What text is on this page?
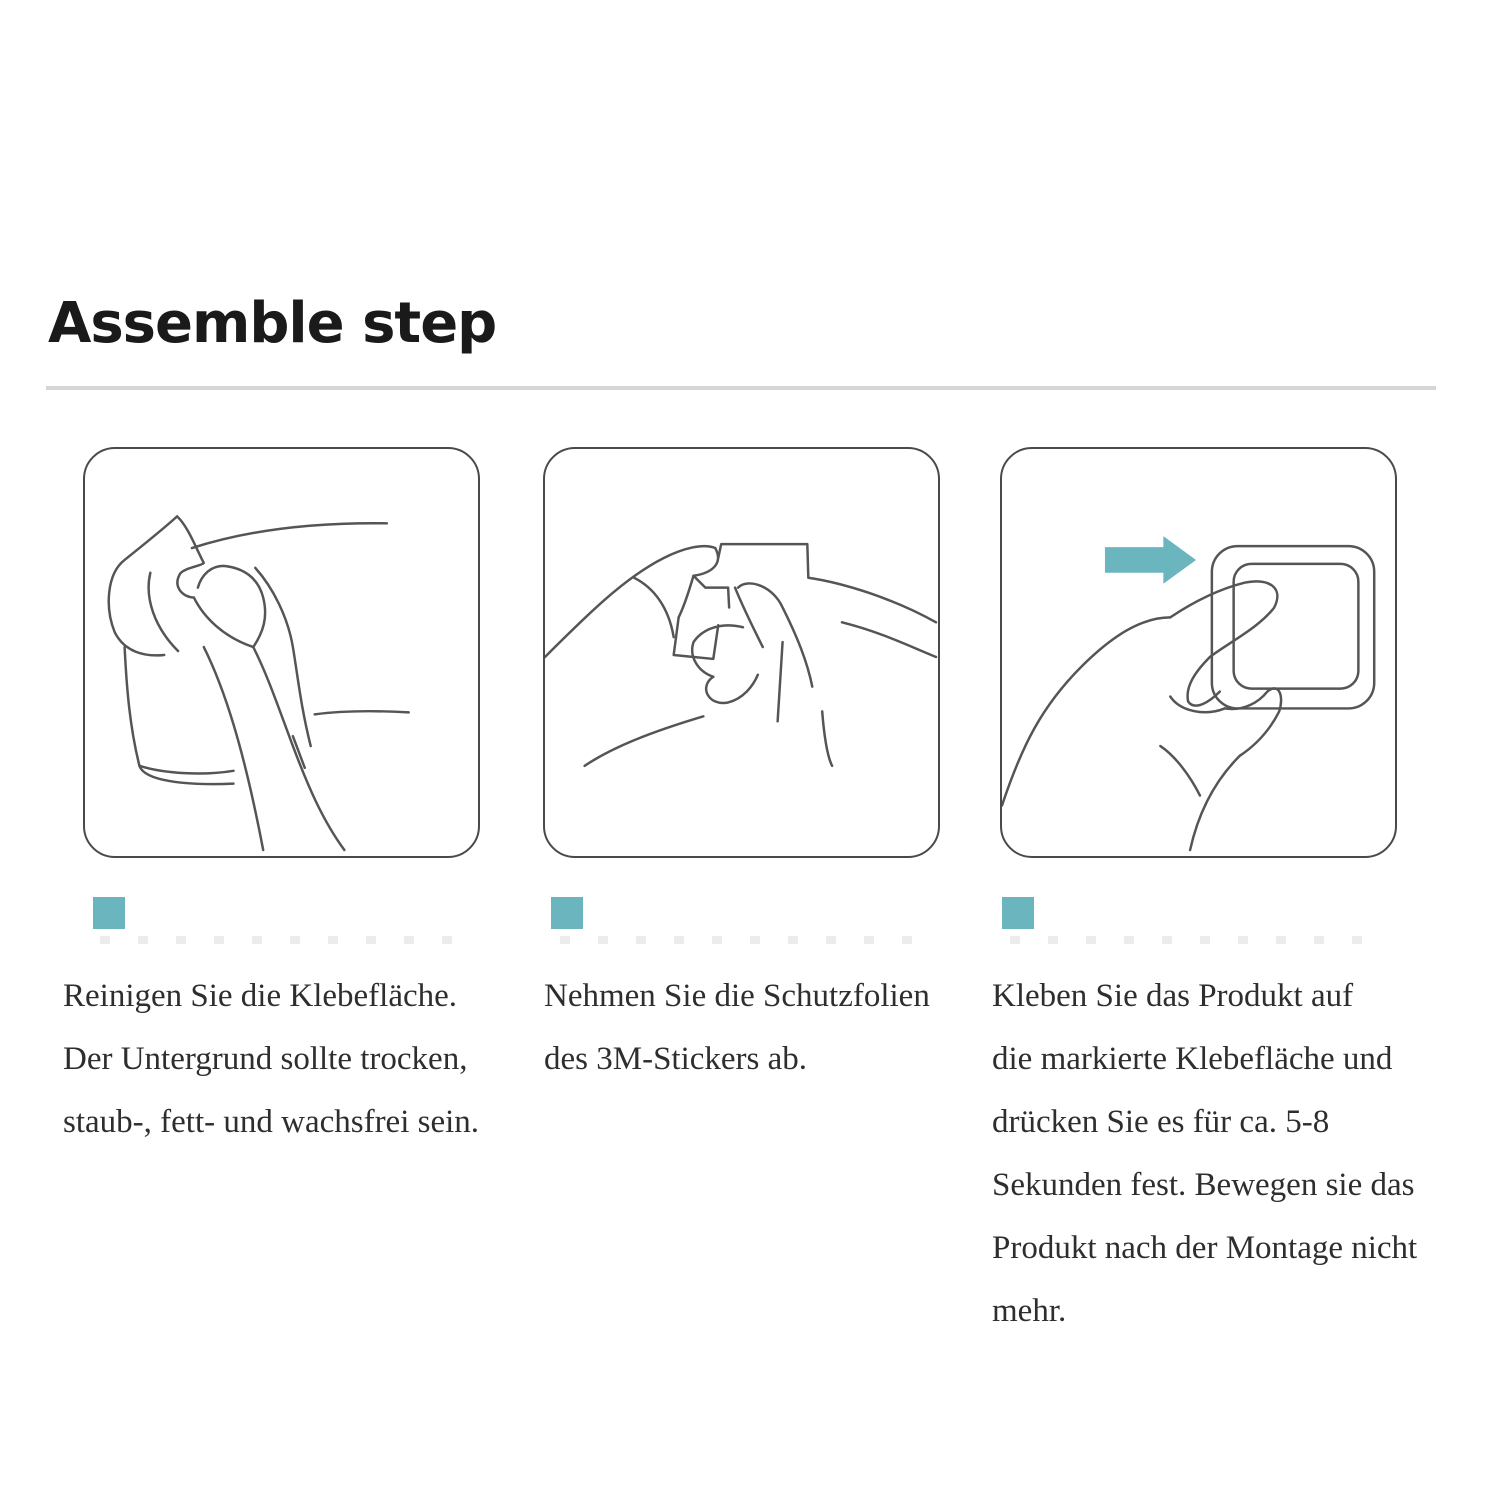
Assemble step
Reinigen Sie die Klebefläche.
Der Untergrund sollte trocken,
staub-, fett- und wachsfrei sein.
Nehmen Sie die Schutzfolien
des 3M-Stickers ab.
Kleben Sie das Produkt auf
die markierte Klebefläche und
drücken Sie es für ca. 5-8
Sekunden fest. Bewegen sie das
Produkt nach der Montage nicht
mehr.
